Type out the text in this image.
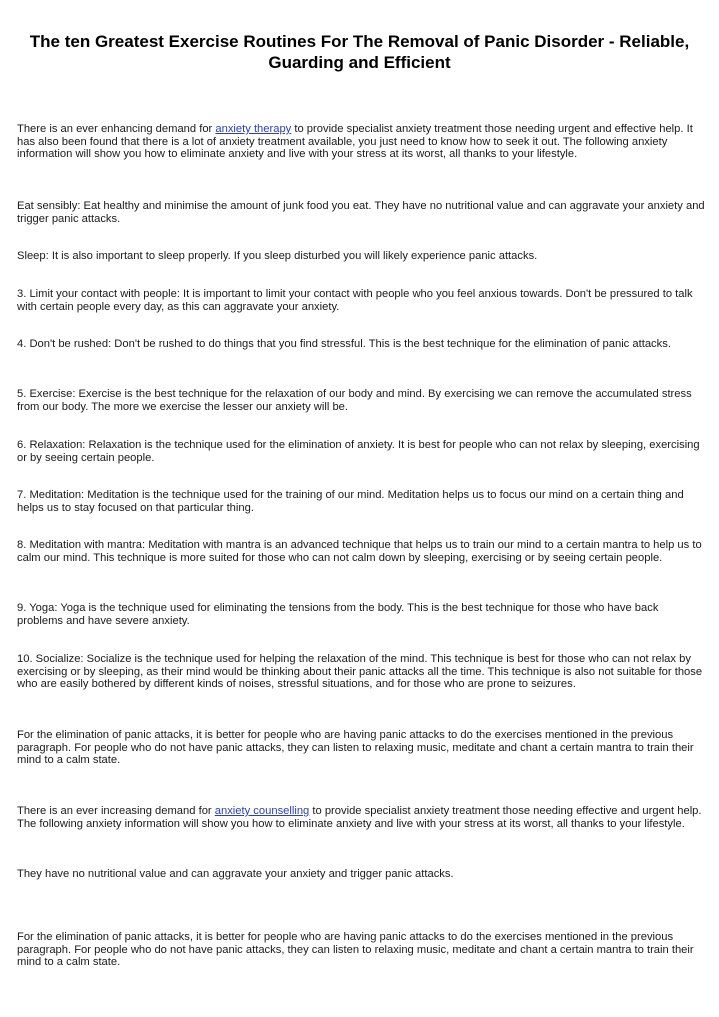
The ten Greatest Exercise Routines For The Removal of Panic Disorder - Reliable, Guarding and Efficient

There is an ever enhancing demand for anxiety therapy to provide specialist anxiety treatment those needing urgent and effective help. It has also been found that there is a lot of anxiety treatment available, you just need to know how to seek it out. The following anxiety information will show you how to eliminate anxiety and live with your stress at its worst, all thanks to your lifestyle.

Eat sensibly: Eat healthy and minimise the amount of junk food you eat. They have no nutritional value and can aggravate your anxiety and trigger panic attacks.

Sleep: It is also important to sleep properly. If you sleep disturbed you will likely experience panic attacks.

3. Limit your contact with people: It is important to limit your contact with people who you feel anxious towards. Don't be pressured to talk with certain people every day, as this can aggravate your anxiety.

4. Don't be rushed: Don't be rushed to do things that you find stressful. This is the best technique for the elimination of panic attacks.

5. Exercise: Exercise is the best technique for the relaxation of our body and mind. By exercising we can remove the accumulated stress from our body. The more we exercise the lesser our anxiety will be.

6. Relaxation: Relaxation is the technique used for the elimination of anxiety. It is best for people who can not relax by sleeping, exercising or by seeing certain people.

7. Meditation: Meditation is the technique used for the training of our mind. Meditation helps us to focus our mind on a certain thing and helps us to stay focused on that particular thing.

8. Meditation with mantra: Meditation with mantra is an advanced technique that helps us to train our mind to a certain mantra to help us to calm our mind. This technique is more suited for those who can not calm down by sleeping, exercising or by seeing certain people.

9. Yoga: Yoga is the technique used for eliminating the tensions from the body. This is the best technique for those who have back problems and have severe anxiety.

10. Socialize: Socialize is the technique used for helping the relaxation of the mind. This technique is best for those who can not relax by exercising or by sleeping, as their mind would be thinking about their panic attacks all the time. This technique is also not suitable for those who are easily bothered by different kinds of noises, stressful situations, and for those who are prone to seizures.

For the elimination of panic attacks, it is better for people who are having panic attacks to do the exercises mentioned in the previous paragraph. For people who do not have panic attacks, they can listen to relaxing music, meditate and chant a certain mantra to train their mind to a calm state.

There is an ever increasing demand for anxiety counselling to provide specialist anxiety treatment those needing effective and urgent help. The following anxiety information will show you how to eliminate anxiety and live with your stress at its worst, all thanks to your lifestyle.

They have no nutritional value and can aggravate your anxiety and trigger panic attacks.

For the elimination of panic attacks, it is better for people who are having panic attacks to do the exercises mentioned in the previous paragraph. For people who do not have panic attacks, they can listen to relaxing music, meditate and chant a certain mantra to train their mind to a calm state.
